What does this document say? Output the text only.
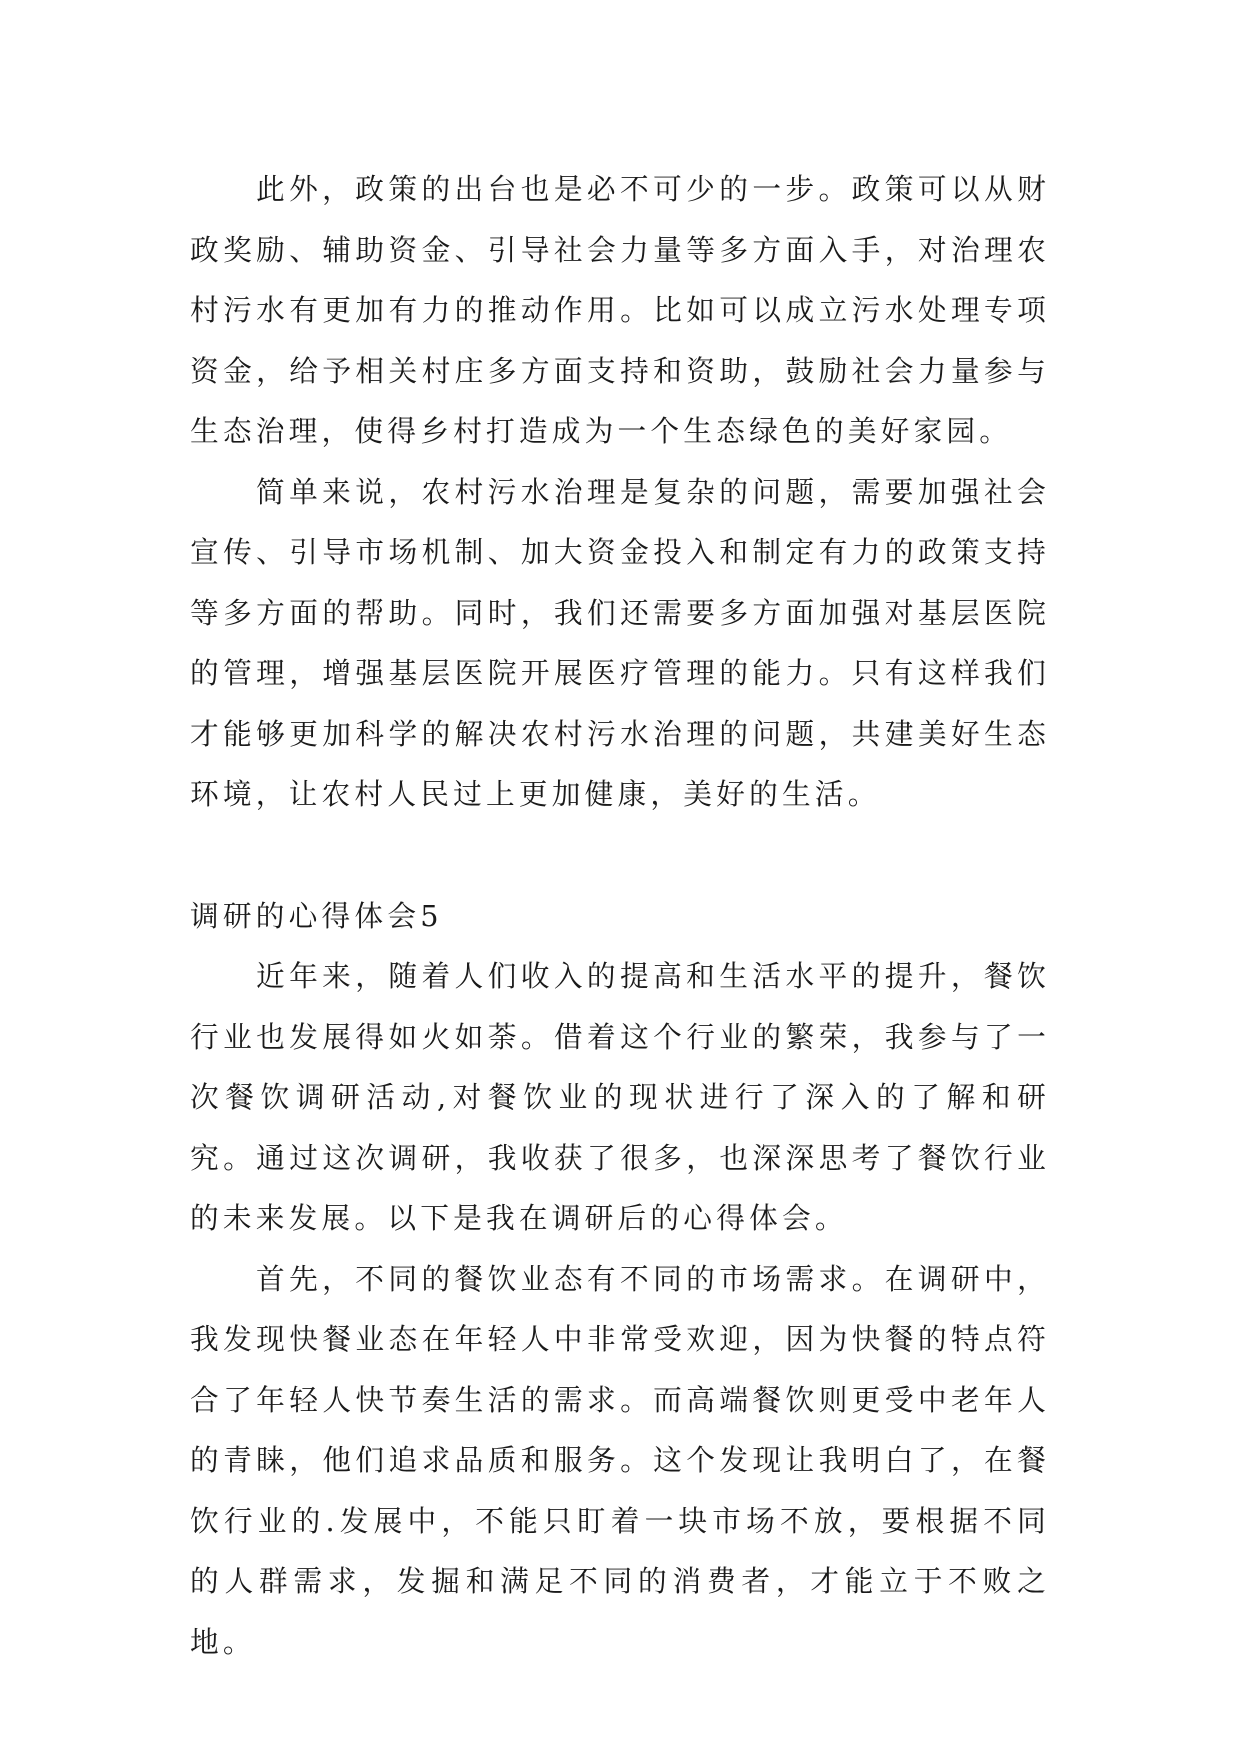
此外，政策的出台也是必不可少的一步。政策可以从财政奖励、辅助资金、引导社会力量等多方面入手，对治理农村污水有更加有力的推动作用。比如可以成立污水处理专项资金，给予相关村庄多方面支持和资助，鼓励社会力量参与生态治理，使得乡村打造成为一个生态绿色的美好家园。

简单来说，农村污水治理是复杂的问题，需要加强社会宣传、引导市场机制、加大资金投入和制定有力的政策支持等多方面的帮助。同时，我们还需要多方面加强对基层医院的管理，增强基层医院开展医疗管理的能力。只有这样我们才能够更加科学的解决农村污水治理的问题，共建美好生态环境，让农村人民过上更加健康，美好的生活。

调研的心得体会5

近年来，随着人们收入的提高和生活水平的提升，餐饮行业也发展得如火如荼。借着这个行业的繁荣，我参与了一次餐饮调研活动,对餐饮业的现状进行了深入的了解和研究。通过这次调研，我收获了很多，也深深思考了餐饮行业的未来发展。以下是我在调研后的心得体会。

首先，不同的餐饮业态有不同的市场需求。在调研中，我发现快餐业态在年轻人中非常受欢迎，因为快餐的特点符合了年轻人快节奏生活的需求。而高端餐饮则更受中老年人的青睐，他们追求品质和服务。这个发现让我明白了，在餐饮行业的.发展中，不能只盯着一块市场不放，要根据不同的人群需求，发掘和满足不同的消费者，才能立于不败之地。
